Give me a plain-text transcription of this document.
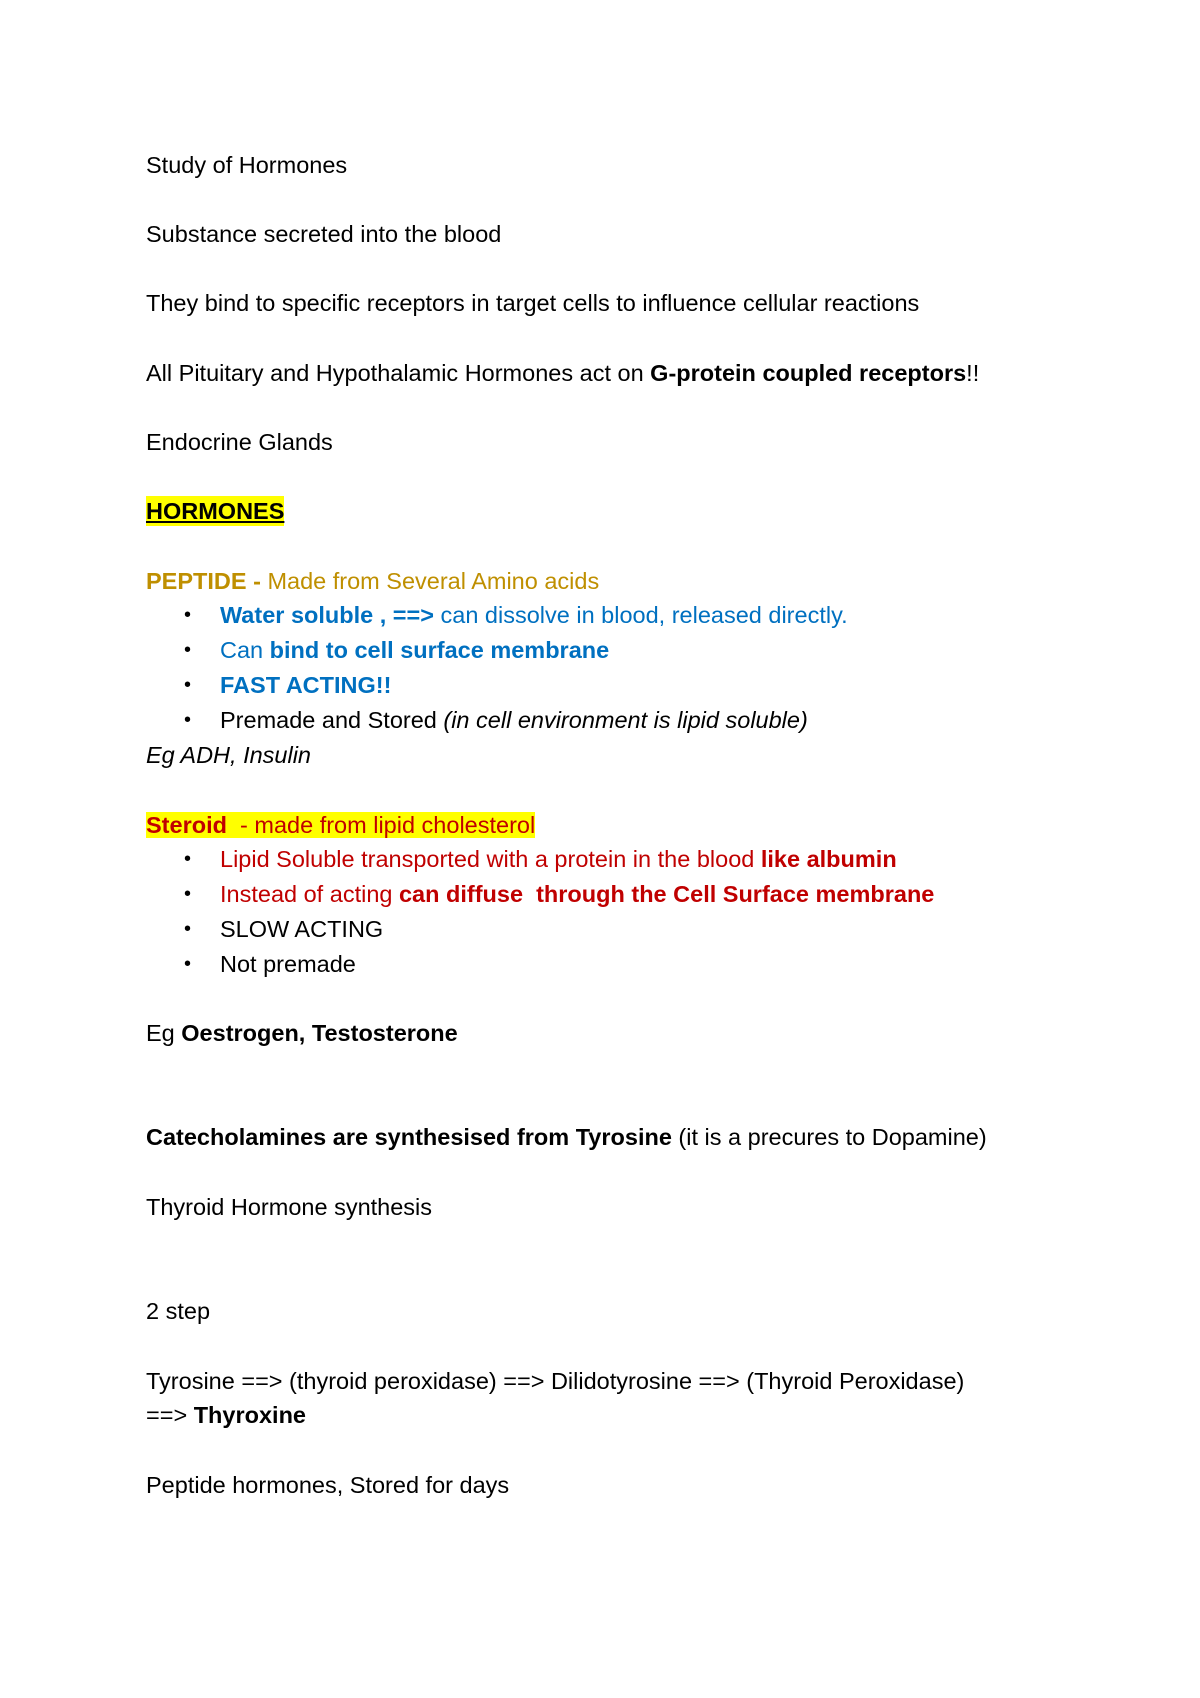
Study of Hormones
Substance secreted into the blood
They bind to specific receptors in target cells to influence cellular reactions
All Pituitary and Hypothalamic Hormones act on G-protein coupled receptors!!
Endocrine Glands
HORMONES
PEPTIDE - Made from Several Amino acids
• Water soluble , ==> can dissolve in blood, released directly.
• Can bind to cell surface membrane
• FAST ACTING!!
• Premade and Stored (in cell environment is lipid soluble)
Eg ADH, Insulin
Steroid  - made from lipid cholesterol
• Lipid Soluble transported with a protein in the blood like albumin
• Instead of acting can diffuse  through the Cell Surface membrane
• SLOW ACTING
• Not premade
Eg Oestrogen, Testosterone
Catecholamines are synthesised from Tyrosine (it is a precures to Dopamine)
Thyroid Hormone synthesis
2 step
Tyrosine ==> (thyroid peroxidase) ==> Dilidotyrosine ==> (Thyroid Peroxidase)
==> Thyroxine
Peptide hormones, Stored for days
